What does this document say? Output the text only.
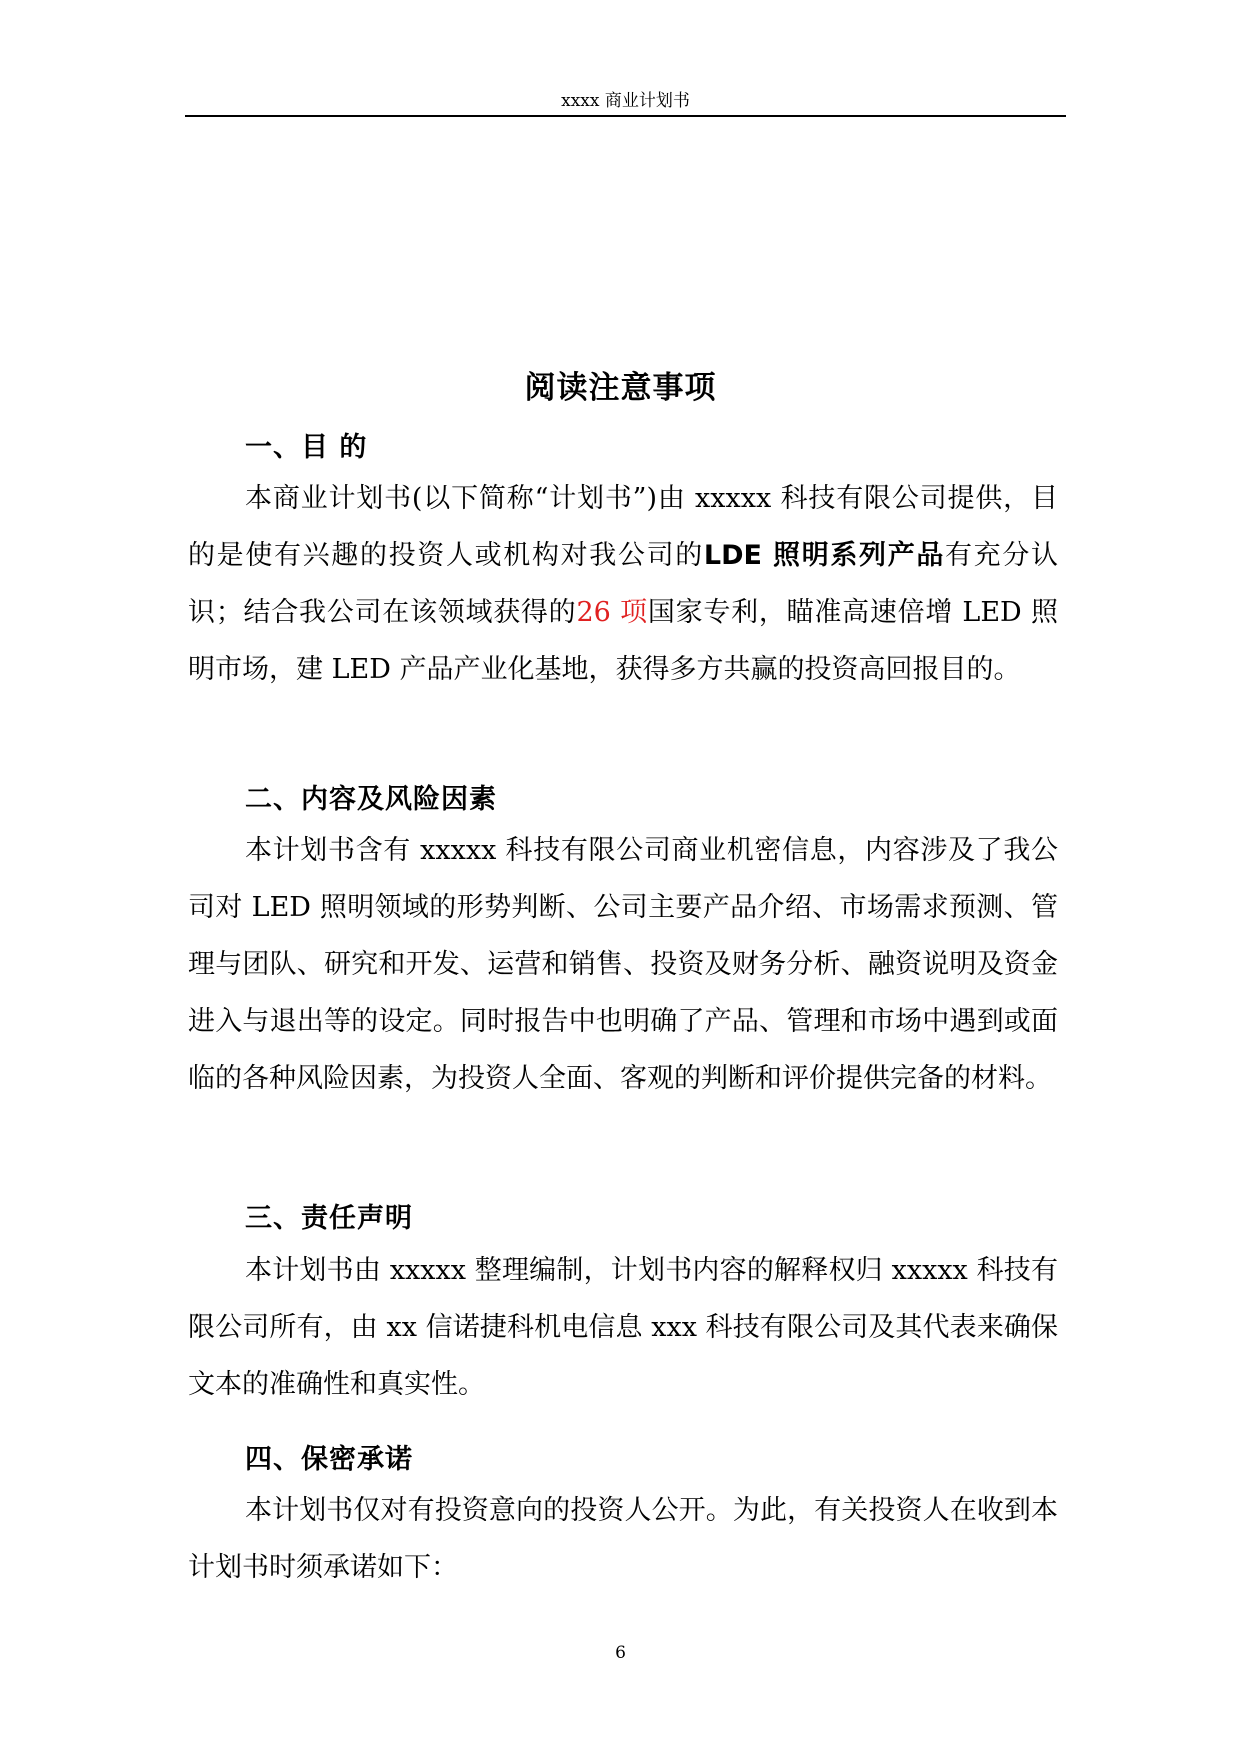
xxxx 商业计划书
阅读注意事项
一、目 的

本商业计划书(以下简称“计划书”)由 xxxxx 科技有限公司提供，目的是使有兴趣的投资人或机构对我公司的LDE 照明系列产品有充分认识；结合我公司在该领域获得的26 项国家专利，瞄准高速倍增 LED 照明市场，建 LED 产品产业化基地，获得多方共赢的投资高回报目的。

二、内容及风险因素

本计划书含有 xxxxx 科技有限公司商业机密信息，内容涉及了我公司对 LED 照明领域的形势判断、公司主要产品介绍、市场需求预测、管理与团队、研究和开发、运营和销售、投资及财务分析、融资说明及资金进入与退出等的设定。同时报告中也明确了产品、管理和市场中遇到或面临的各种风险因素，为投资人全面、客观的判断和评价提供完备的材料。

三、责任声明

本计划书由 xxxxx 整理编制，计划书内容的解释权归 xxxxx 科技有限公司所有，由 xx 信诺捷科机电信息 xxx 科技有限公司及其代表来确保文本的准确性和真实性。

四、保密承诺

本计划书仅对有投资意向的投资人公开。为此，有关投资人在收到本计划书时须承诺如下：

6
